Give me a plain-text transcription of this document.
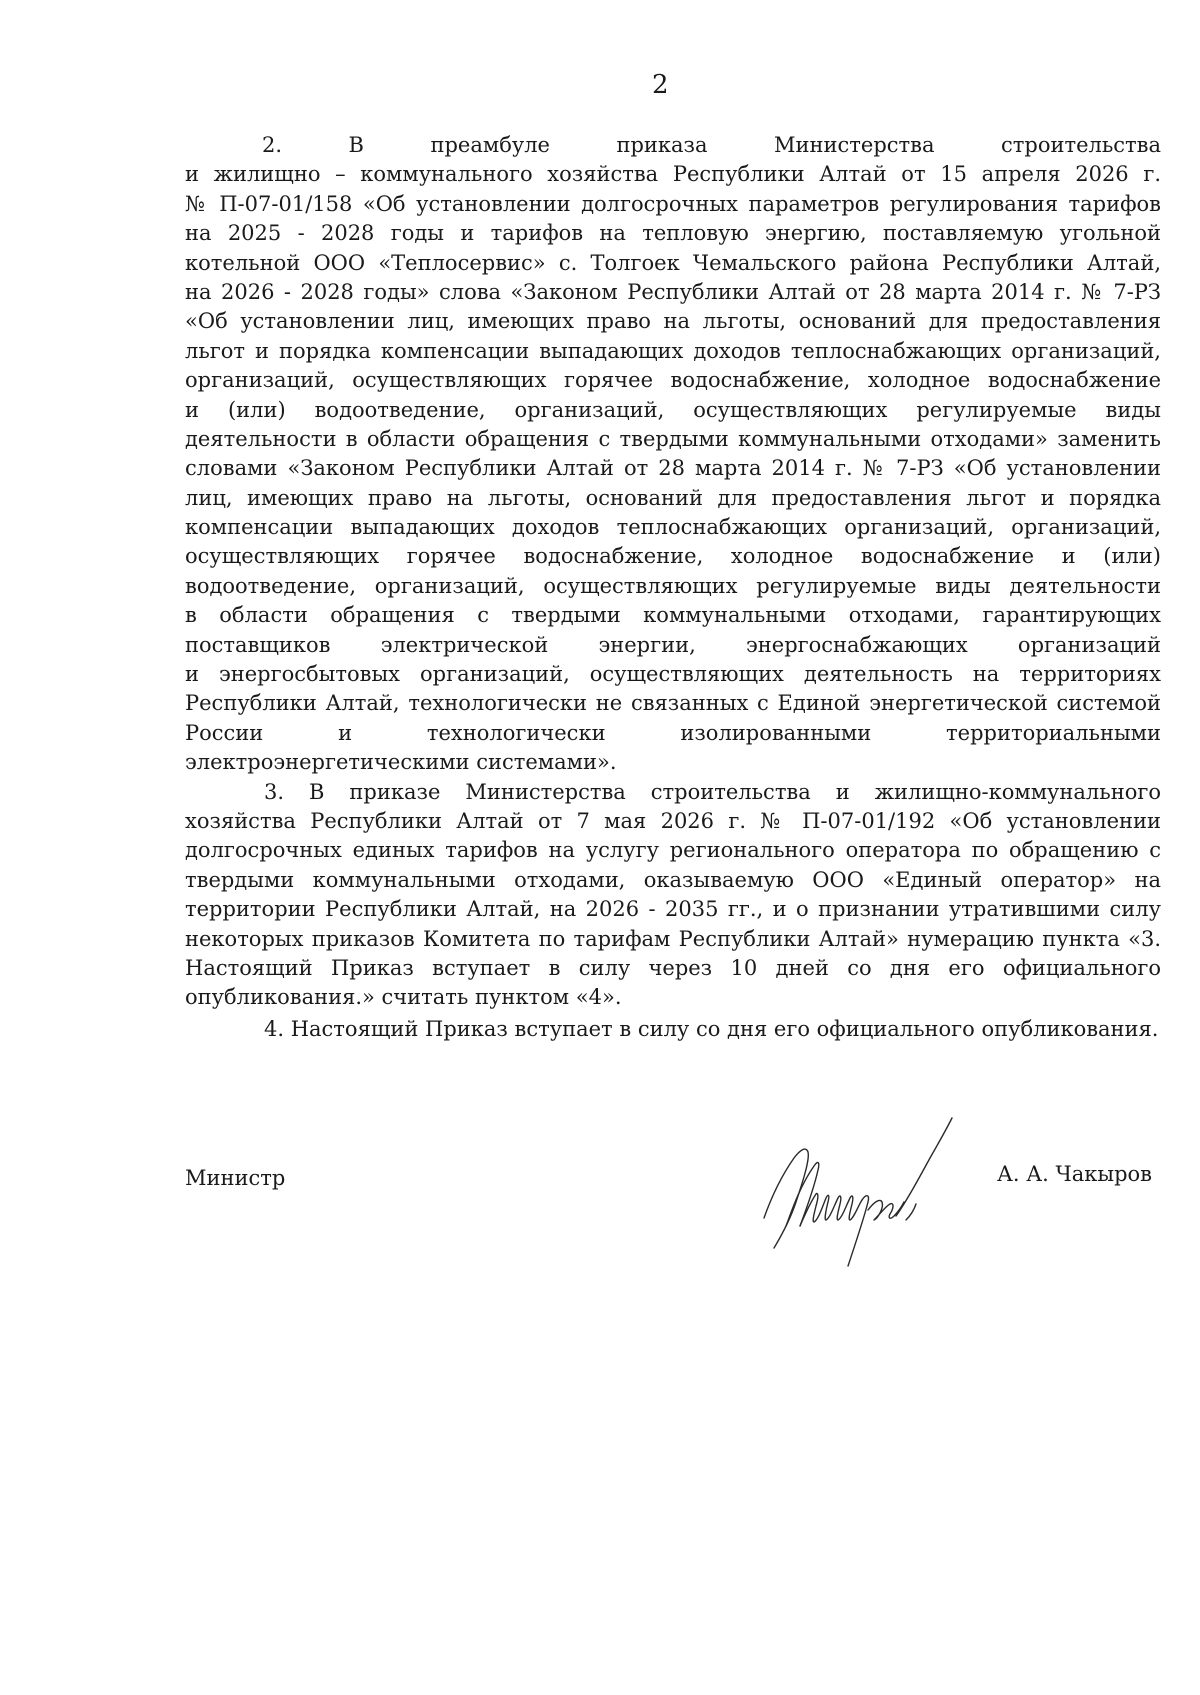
2
2. В преамбуле приказа Министерства строительства
и жилищно – коммунального хозяйства Республики Алтай от 15 апреля 2026 г.
№ П-07-01/158 «Об установлении долгосрочных параметров регулирования тарифов
на 2025 - 2028 годы и тарифов на тепловую энергию, поставляемую угольной
котельной ООО «Теплосервис» с. Толгоек Чемальского района Республики Алтай,
на 2026 - 2028 годы» слова «Законом Республики Алтай от 28 марта 2014 г. № 7-РЗ
«Об установлении лиц, имеющих право на льготы, оснований для предоставления
льгот и порядка компенсации выпадающих доходов теплоснабжающих организаций,
организаций, осуществляющих горячее водоснабжение, холодное водоснабжение
и (или) водоотведение, организаций, осуществляющих регулируемые виды
деятельности в области обращения с твердыми коммунальными отходами» заменить
словами «Законом Республики Алтай от 28 марта 2014 г. № 7-РЗ «Об установлении
лиц, имеющих право на льготы, оснований для предоставления льгот и порядка
компенсации выпадающих доходов теплоснабжающих организаций, организаций,
осуществляющих горячее водоснабжение, холодное водоснабжение и (или)
водоотведение, организаций, осуществляющих регулируемые виды деятельности
в области обращения с твердыми коммунальными отходами, гарантирующих
поставщиков электрической энергии, энергоснабжающих организаций
и энергосбытовых организаций, осуществляющих деятельность на территориях
Республики Алтай, технологически не связанных с Единой энергетической системой
России и технологически изолированными территориальными
электроэнергетическими системами».
3. В приказе Министерства строительства и жилищно-коммунального
хозяйства Республики Алтай от 7 мая 2026 г. № П-07-01/192 «Об установлении
долгосрочных единых тарифов на услугу регионального оператора по обращению с
твердыми коммунальными отходами, оказываемую ООО «Единый оператор» на
территории Республики Алтай, на 2026 - 2035 гг., и о признании утратившими силу
некоторых приказов Комитета по тарифам Республики Алтай» нумерацию пункта «3.
Настоящий Приказ вступает в силу через 10 дней со дня его официального
опубликования.» считать пунктом «4».
4. Настоящий Приказ вступает в силу со дня его официального опубликования.
Министр	А. А. Чакыров
